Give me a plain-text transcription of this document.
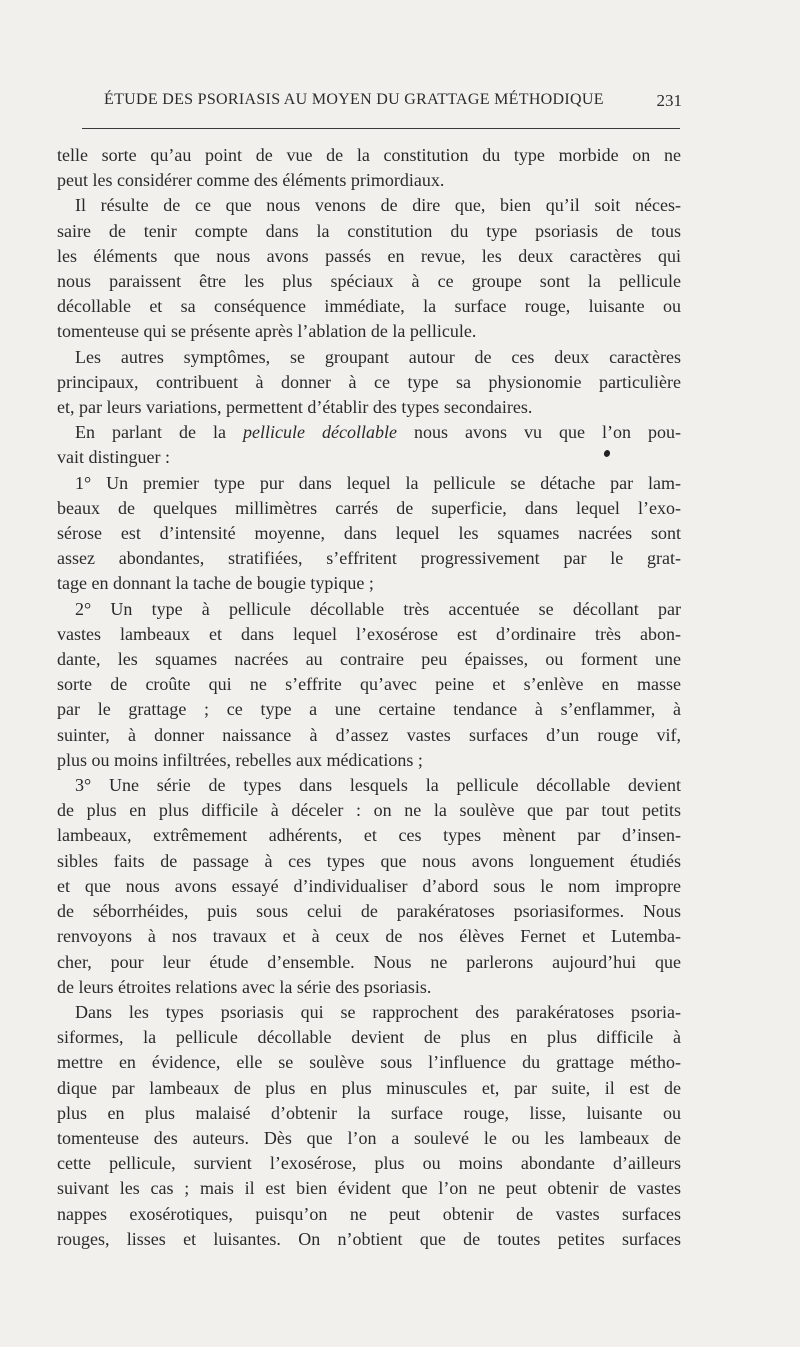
ÉTUDE DES PSORIASIS AU MOYEN DU GRATTAGE MÉTHODIQUE	231
telle sorte qu’au point de vue de la constitution du type morbide on ne
peut les considérer comme des éléments primordiaux.
Il résulte de ce que nous venons de dire que, bien qu’il soit néces-
saire de tenir compte dans la constitution du type psoriasis de tous
les éléments que nous avons passés en revue, les deux caractères qui
nous paraissent être les plus spéciaux à ce groupe sont la pellicule
décollable et sa conséquence immédiate, la surface rouge, luisante ou
tomenteuse qui se présente après l’ablation de la pellicule.
Les autres symptômes, se groupant autour de ces deux caractères
principaux, contribuent à donner à ce type sa physionomie particulière
et, par leurs variations, permettent d’établir des types secondaires.
En parlant de la pellicule décollable nous avons vu que l’on pou-
vait distinguer :
1° Un premier type pur dans lequel la pellicule se détache par lam-
beaux de quelques millimètres carrés de superficie, dans lequel l’exo-
sérose est d’intensité moyenne, dans lequel les squames nacrées sont
assez abondantes, stratifiées, s’effritent progressivement par le grat-
tage en donnant la tache de bougie typique ;
2° Un type à pellicule décollable très accentuée se décollant par
vastes lambeaux et dans lequel l’exosérose est d’ordinaire très abon-
dante, les squames nacrées au contraire peu épaisses, ou forment une
sorte de croûte qui ne s’effrite qu’avec peine et s’enlève en masse
par le grattage ; ce type a une certaine tendance à s’enflammer, à
suinter, à donner naissance à d’assez vastes surfaces d’un rouge vif,
plus ou moins infiltrées, rebelles aux médications ;
3° Une série de types dans lesquels la pellicule décollable devient
de plus en plus difficile à déceler : on ne la soulève que par tout petits
lambeaux, extrêmement adhérents, et ces types mènent par d’insen-
sibles faits de passage à ces types que nous avons longuement étudiés
et que nous avons essayé d’individualiser d’abord sous le nom impropre
de séborrhéides, puis sous celui de parakératoses psoriasiformes. Nous
renvoyons à nos travaux et à ceux de nos élèves Fernet et Lutemba-
cher, pour leur étude d’ensemble. Nous ne parlerons aujourd’hui que
de leurs étroites relations avec la série des psoriasis.
Dans les types psoriasis qui se rapprochent des parakératoses psoria-
siformes, la pellicule décollable devient de plus en plus difficile à
mettre en évidence, elle se soulève sous l’influence du grattage métho-
dique par lambeaux de plus en plus minuscules et, par suite, il est de
plus en plus malaisé d’obtenir la surface rouge, lisse, luisante ou
tomenteuse des auteurs. Dès que l’on a soulevé le ou les lambeaux de
cette pellicule, survient l’exosérose, plus ou moins abondante d’ailleurs
suivant les cas ; mais il est bien évident que l’on ne peut obtenir de vastes
nappes exosérotiques, puisqu’on ne peut obtenir de vastes surfaces
rouges, lisses et luisantes. On n’obtient que de toutes petites surfaces
